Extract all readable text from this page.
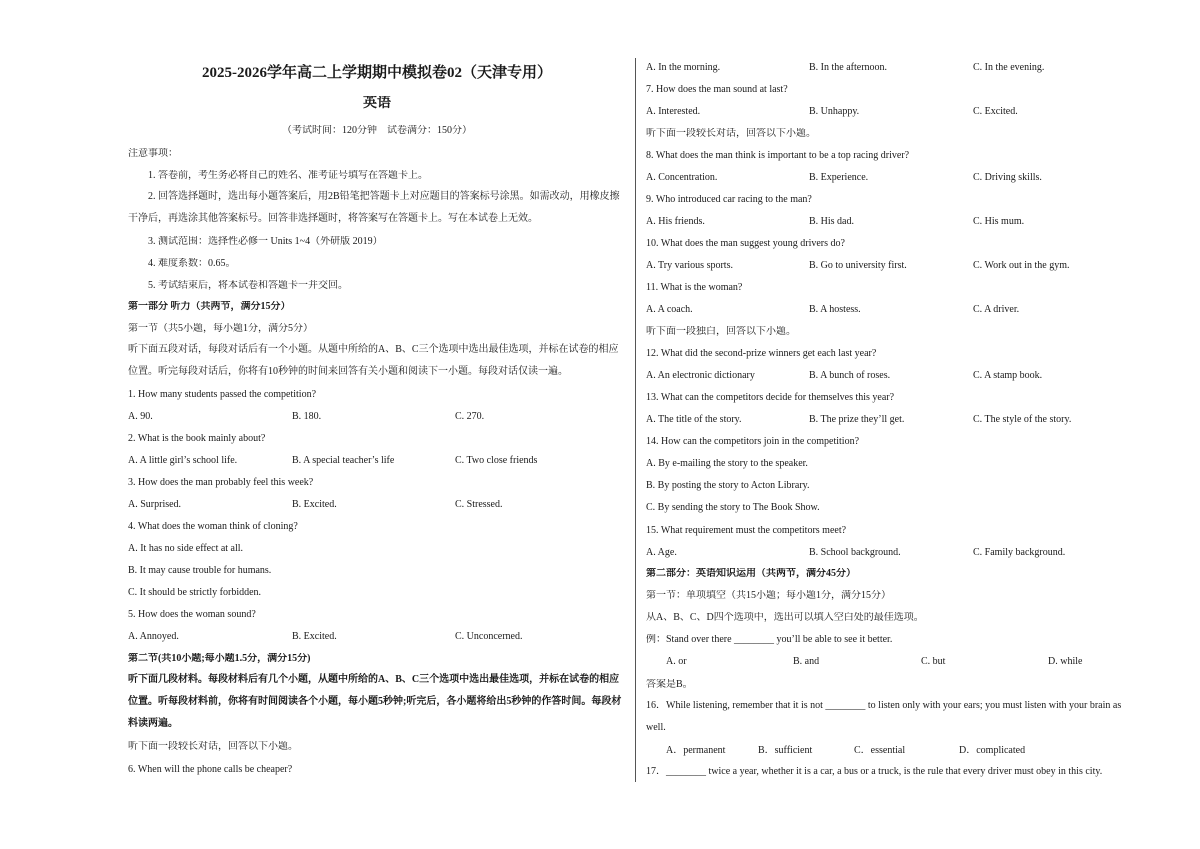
2025-2026学年高二上学期期中模拟卷02（天津专用）
英语
（考试时间：120分钟　试卷满分：150分）
注意事项：
1. 答卷前，考生务必将自己的姓名、准考证号填写在答题卡上。
2. 回答选择题时，选出每小题答案后，用2B铅笔把答题卡上对应题目的答案标号涂黑。如需改动，用橡皮擦干净后，再选涂其他答案标号。回答非选择题时，将答案写在答题卡上。写在本试卷上无效。
3. 测试范围：选择性必修一 Units 1~4（外研版 2019）
4. 难度系数：0.65。
5. 考试结束后，将本试卷和答题卡一并交回。
第一部分 听力（共两节，满分15分）
第一节（共5小题，每小题1分，满分5分）
听下面五段对话，每段对话后有一个小题。从题中所给的A、B、C三个选项中选出最佳选项，并标在试卷的相应位置。听完每段对话后，你将有10秒钟的时间来回答有关小题和阅读下一小题。每段对话仅读一遍。
1. How many students passed the competition?
A. 90.	B. 180.	C. 270.
2. What is the book mainly about?
A. A little girl’s school life.	B. A special teacher’s life	C. Two close friends
3. How does the man probably feel this week?
A. Surprised.	B. Excited.	C. Stressed.
4. What does the woman think of cloning?
A. It has no side effect at all.
B. It may cause trouble for humans.
C. It should be strictly forbidden.
5. How does the woman sound?
A. Annoyed.	B. Excited.	C. Unconcerned.
第二节(共10小题;每小题1.5分，满分15分)
听下面几段材料。每段材料后有几个小题，从题中所给的A、B、C三个选项中选出最佳选项，并标在试卷的相应位置。听每段材料前，你将有时间阅读各个小题，每小题5秒钟;听完后，各小题将给出5秒钟的作答时间。每段材料读两遍。
听下面一段较长对话，回答以下小题。
6. When will the phone calls be cheaper?
A. In the morning.	B. In the afternoon.	C. In the evening.
7. How does the man sound at last?
A. Interested.	B. Unhappy.	C. Excited.
听下面一段较长对话，回答以下小题。
8. What does the man think is important to be a top racing driver?
A. Concentration.	B. Experience.	C. Driving skills.
9. Who introduced car racing to the man?
A. His friends.	B. His dad.	C. His mum.
10. What does the man suggest young drivers do?
A. Try various sports.	B. Go to university first.	C. Work out in the gym.
11. What is the woman?
A. A coach.	B. A hostess.	C. A driver.
听下面一段独白，回答以下小题。
12. What did the second-prize winners get each last year?
A. An electronic dictionary	B. A bunch of roses.	C. A stamp book.
13. What can the competitors decide for themselves this year?
A. The title of the story.	B. The prize they’ll get.	C. The style of the story.
14. How can the competitors join in the competition?
A. By e-mailing the story to the speaker.
B. By posting the story to Acton Library.
C. By sending the story to The Book Show.
15. What requirement must the competitors meet?
A. Age.	B. School background.	C. Family background.
第二部分：英语知识运用（共两节，满分45分）
第一节：单项填空（共15小题；每小题1分，满分15分）
从A、B、C、D四个选项中，选出可以填入空白处的最佳选项。
例：Stand over there ________ you’ll be able to see it better.
A. or	B. and	C. but	D. while
答案是B。
16．While listening, remember that it is not ________ to listen only with your ears; you must listen with your brain as well.
A．permanent	B．sufficient	C．essential	D．complicated
17．________ twice a year, whether it is a car, a bus or a truck, is the rule that every driver must obey in this city.
